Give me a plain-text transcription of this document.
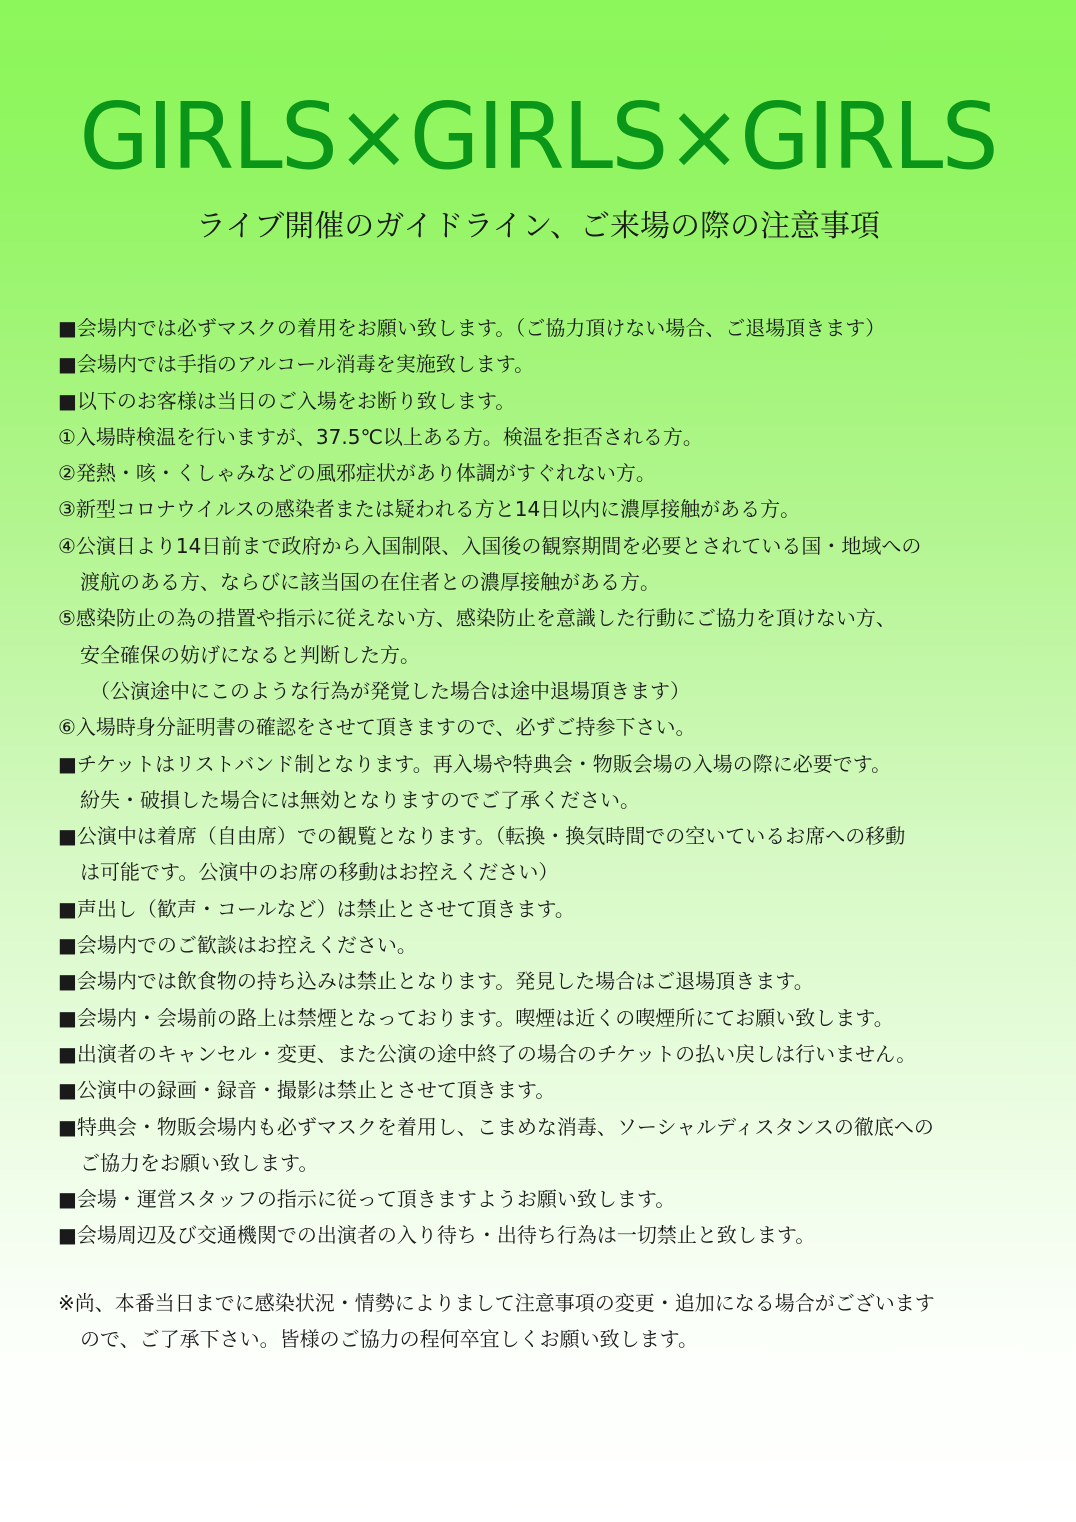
GIRLS×GIRLS×GIRLS
ライブ開催のガイドライン、ご来場の際の注意事項
■会場内では必ずマスクの着用をお願い致します。（ご協力頂けない場合、ご退場頂きます）
■会場内では手指のアルコール消毒を実施致します。
■以下のお客様は当日のご入場をお断り致します。
①入場時検温を行いますが、37.5℃以上ある方。検温を拒否される方。
②発熱・咳・くしゃみなどの風邪症状があり体調がすぐれない方。
③新型コロナウイルスの感染者または疑われる方と14日以内に濃厚接触がある方。
④公演日より14日前まで政府から入国制限、入国後の観察期間を必要とされている国・地域への
渡航のある方、ならびに該当国の在住者との濃厚接触がある方。
⑤感染防止の為の措置や指示に従えない方、感染防止を意識した行動にご協力を頂けない方、
安全確保の妨げになると判断した方。
（公演途中にこのような行為が発覚した場合は途中退場頂きます）
⑥入場時身分証明書の確認をさせて頂きますので、必ずご持参下さい。
■チケットはリストバンド制となります。再入場や特典会・物販会場の入場の際に必要です。
紛失・破損した場合には無効となりますのでご了承ください。
■公演中は着席（自由席）での観覧となります。（転換・換気時間での空いているお席への移動
は可能です。公演中のお席の移動はお控えください）
■声出し（歓声・コールなど）は禁止とさせて頂きます。
■会場内でのご歓談はお控えください。
■会場内では飲食物の持ち込みは禁止となります。発見した場合はご退場頂きます。
■会場内・会場前の路上は禁煙となっております。喫煙は近くの喫煙所にてお願い致します。
■出演者のキャンセル・変更、また公演の途中終了の場合のチケットの払い戻しは行いません。
■公演中の録画・録音・撮影は禁止とさせて頂きます。
■特典会・物販会場内も必ずマスクを着用し、こまめな消毒、ソーシャルディスタンスの徹底への
ご協力をお願い致します。
■会場・運営スタッフの指示に従って頂きますようお願い致します。
■会場周辺及び交通機関での出演者の入り待ち・出待ち行為は一切禁止と致します。
※尚、本番当日までに感染状況・情勢によりまして注意事項の変更・追加になる場合がございます
ので、ご了承下さい。皆様のご協力の程何卒宜しくお願い致します。
